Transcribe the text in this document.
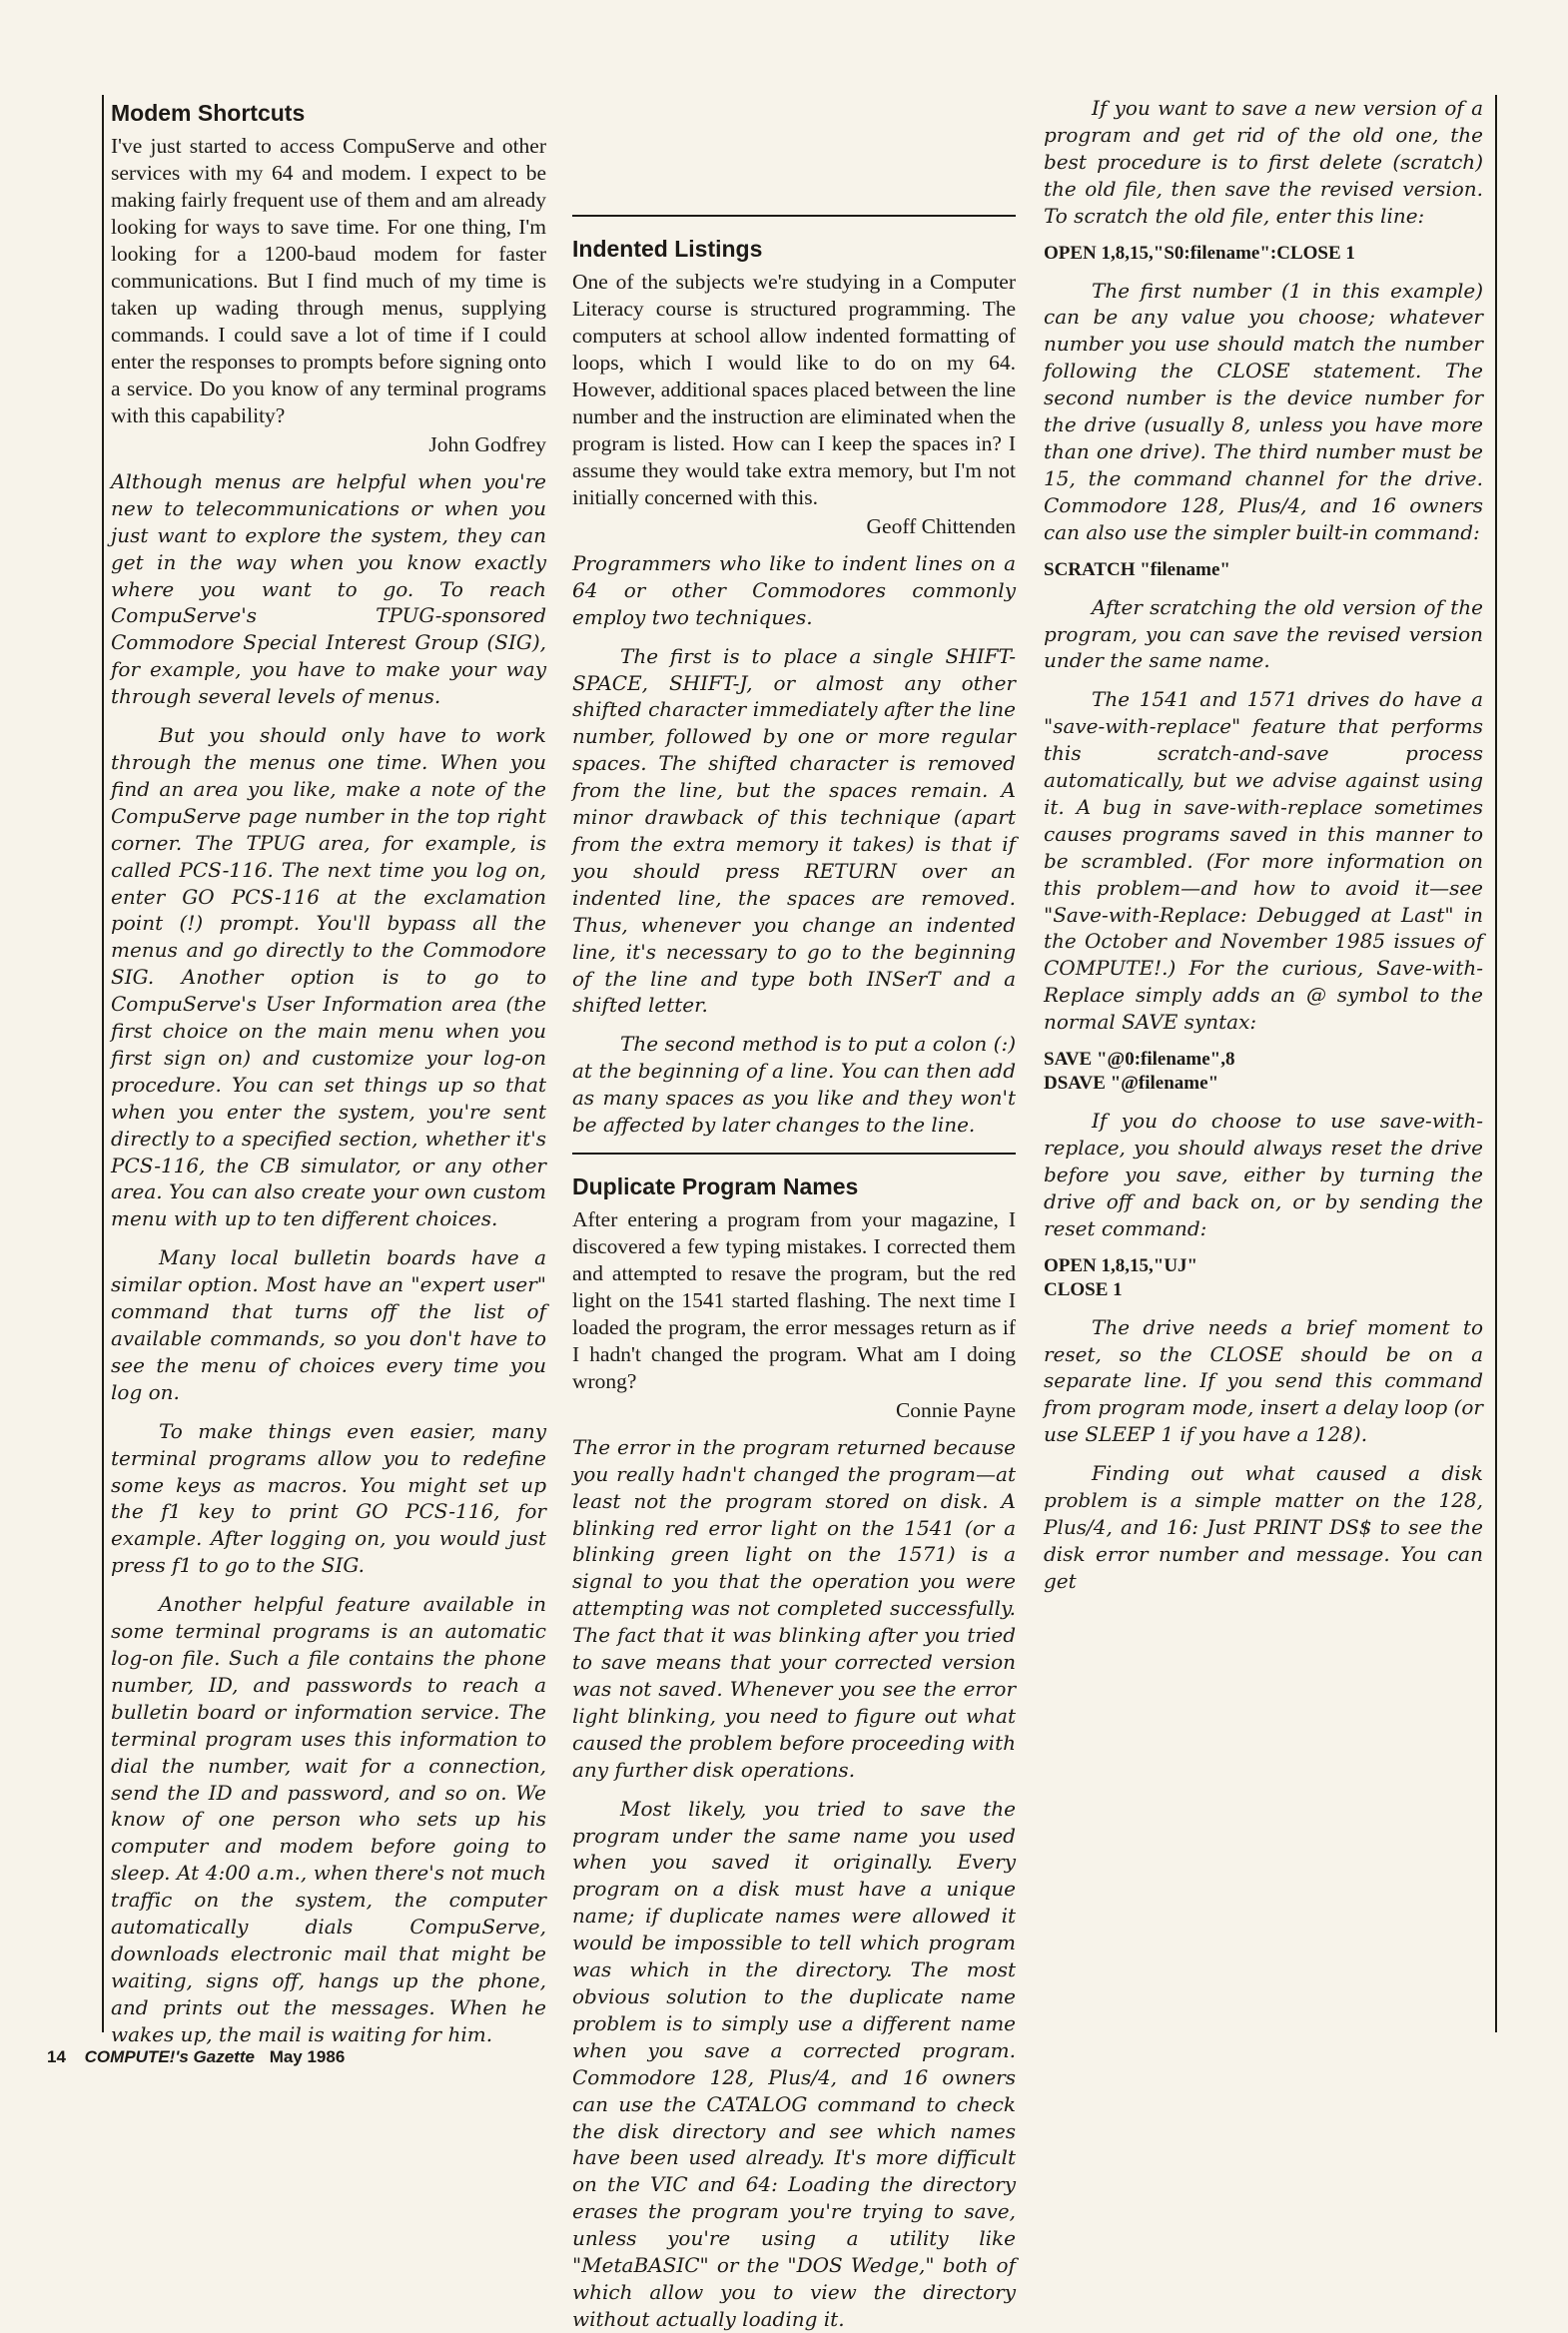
Modem Shortcuts

I've just started to access CompuServe and other services with my 64 and modem. I expect to be making fairly frequent use of them and am already looking for ways to save time. For one thing, I'm looking for a 1200-baud modem for faster communications. But I find much of my time is taken up wading through menus, supplying commands. I could save a lot of time if I could enter the responses to prompts before signing onto a service. Do you know of any terminal programs with this capability?

John Godfrey

Although menus are helpful when you're new to telecommunications or when you just want to explore the system, they can get in the way when you know exactly where you want to go. To reach CompuServe's TPUG-sponsored Commodore Special Interest Group (SIG), for example, you have to make your way through several levels of menus.

But you should only have to work through the menus one time. When you find an area you like, make a note of the CompuServe page number in the top right corner. The TPUG area, for example, is called PCS-116. The next time you log on, enter GO PCS-116 at the exclamation point (!) prompt. You'll bypass all the menus and go directly to the Commodore SIG. Another option is to go to CompuServe's User Information area (the first choice on the main menu when you first sign on) and customize your log-on procedure. You can set things up so that when you enter the system, you're sent directly to a specified section, whether it's PCS-116, the CB simulator, or any other area. You can also create your own custom menu with up to ten different choices.

Many local bulletin boards have a similar option. Most have an "expert user" command that turns off the list of available commands, so you don't have to see the menu of choices every time you log on.

To make things even easier, many terminal programs allow you to redefine some keys as macros. You might set up the f1 key to print GO PCS-116, for example. After logging on, you would just press f1 to go to the SIG.

Another helpful feature available in some terminal programs is an automatic log-on file. Such a file contains the phone number, ID, and passwords to reach a bulletin board or information service. The terminal program uses this information to dial the number, wait for a connection, send the ID and password, and so on. We know of one person who sets up his computer and modem before going to sleep. At 4:00 a.m., when there's not much traffic on the system, the computer automatically dials CompuServe, downloads electronic mail that might be waiting, signs off, hangs up the phone, and prints out the messages. When he wakes up, the mail is waiting for him.

Indented Listings

One of the subjects we're studying in a Computer Literacy course is structured programming. The computers at school allow indented formatting of loops, which I would like to do on my 64. However, additional spaces placed between the line number and the instruction are eliminated when the program is listed. How can I keep the spaces in? I assume they would take extra memory, but I'm not initially concerned with this.

Geoff Chittenden

Programmers who like to indent lines on a 64 or other Commodores commonly employ two techniques.

The first is to place a single SHIFT-SPACE, SHIFT-J, or almost any other shifted character immediately after the line number, followed by one or more regular spaces. The shifted character is removed from the line, but the spaces remain. A minor drawback of this technique (apart from the extra memory it takes) is that if you should press RETURN over an indented line, the spaces are removed. Thus, whenever you change an indented line, it's necessary to go to the beginning of the line and type both INSerT and a shifted letter.

The second method is to put a colon (:) at the beginning of a line. You can then add as many spaces as you like and they won't be affected by later changes to the line.

Duplicate Program Names

After entering a program from your magazine, I discovered a few typing mistakes. I corrected them and attempted to resave the program, but the red light on the 1541 started flashing. The next time I loaded the program, the error messages return as if I hadn't changed the program. What am I doing wrong?

Connie Payne

The error in the program returned because you really hadn't changed the program—at least not the program stored on disk. A blinking red error light on the 1541 (or a blinking green light on the 1571) is a signal to you that the operation you were attempting was not completed successfully. The fact that it was blinking after you tried to save means that your corrected version was not saved. Whenever you see the error light blinking, you need to figure out what caused the problem before proceeding with any further disk operations.

Most likely, you tried to save the program under the same name you used when you saved it originally. Every program on a disk must have a unique name; if duplicate names were allowed it would be impossible to tell which program was which in the directory. The most obvious solution to the duplicate name problem is to simply use a different name when you save a corrected program. Commodore 128, Plus/4, and 16 owners can use the CATALOG command to check the disk directory and see which names have been used already. It's more difficult on the VIC and 64: Loading the directory erases the program you're trying to save, unless you're using a utility like "MetaBASIC" or the "DOS Wedge," both of which allow you to view the directory without actually loading it.

If you want to save a new version of a program and get rid of the old one, the best procedure is to first delete (scratch) the old file, then save the revised version. To scratch the old file, enter this line:

OPEN 1,8,15,"S0:filename":CLOSE 1

The first number (1 in this example) can be any value you choose; whatever number you use should match the number following the CLOSE statement. The second number is the device number for the drive (usually 8, unless you have more than one drive). The third number must be 15, the command channel for the drive. Commodore 128, Plus/4, and 16 owners can also use the simpler built-in command:

SCRATCH "filename"

After scratching the old version of the program, you can save the revised version under the same name.

The 1541 and 1571 drives do have a "save-with-replace" feature that performs this scratch-and-save process automatically, but we advise against using it. A bug in save-with-replace sometimes causes programs saved in this manner to be scrambled. (For more information on this problem—and how to avoid it—see "Save-with-Replace: Debugged at Last" in the October and November 1985 issues of COMPUTE!.) For the curious, Save-with-Replace simply adds an @ symbol to the normal SAVE syntax:

SAVE "@0:filename",8
DSAVE "@filename"

If you do choose to use save-with-replace, you should always reset the drive before you save, either by turning the drive off and back on, or by sending the reset command:

OPEN 1,8,15,"UJ"
CLOSE 1

The drive needs a brief moment to reset, so the CLOSE should be on a separate line. If you send this command from program mode, insert a delay loop (or use SLEEP 1 if you have a 128).

Finding out what caused a disk problem is a simple matter on the 128, Plus/4, and 16: Just PRINT DS$ to see the disk error number and message. You can get

14 COMPUTE!'s Gazette May 1986
